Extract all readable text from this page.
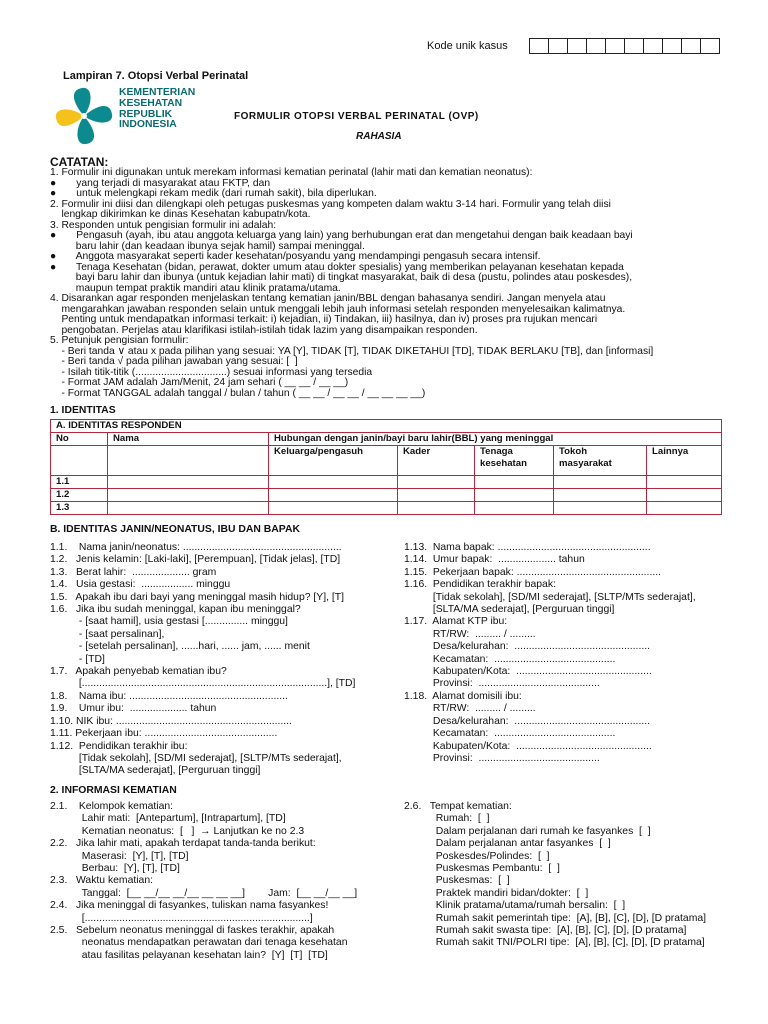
Kode unik kasus
Lampiran 7. Otopsi Verbal Perinatal
KEMENTERIAN
KESEHATAN
REPUBLIK
INDONESIA
FORMULIR OTOPSI VERBAL PERINATAL (OVP)
RAHASIA
CATATAN:
1. Formulir ini digunakan untuk merekam informasi kematian perinatal (lahir mati dan kematian neonatus):
●       yang terjadi di masyarakat atau FKTP, dan
●       untuk melengkapi rekam medik (dari rumah sakit), bila diperlukan.
2. Formulir ini diisi dan dilengkapi oleh petugas puskesmas yang kompeten dalam waktu 3-14 hari. Formulir yang telah diisi
lengkap dikirimkan ke dinas Kesehatan kabupatn/kota.
3. Responden untuk pengisian formulir ini adalah:
●       Pengasuh (ayah, ibu atau anggota keluarga yang lain) yang berhubungan erat dan mengetahui dengan baik keadaan bayi
baru lahir (dan keadaan ibunya sejak hamil) sampai meninggal.
●       Anggota masyarakat seperti kader kesehatan/posyandu yang mendampingi pengasuh secara intensif.
●       Tenaga Kesehatan (bidan, perawat, dokter umum atau dokter spesialis) yang memberikan pelayanan kesehatan kepada
bayi baru lahir dan ibunya (untuk kejadian lahir mati) di tingkat masyarakat, baik di desa (pustu, polindes atau poskesdes),
maupun tempat praktik mandiri atau klinik pratama/utama.
4. Disarankan agar responden menjelaskan tentang kematian janin/BBL dengan bahasanya sendiri. Jangan menyela atau
mengarahkan jawaban responden selain untuk menggali lebih jauh informasi setelah responden menyelesaikan kalimatnya.
Penting untuk mendapatkan informasi terkait: i) kejadian, ii) Tindakan, iii) hasilnya, dan iv) proses pra rujukan mencari
pengobatan. Perjelas atau klarifikasi istilah-istilah tidak lazim yang disampaikan responden.
5. Petunjuk pengisian formulir:
- Beri tanda ∨ atau x pada pilihan yang sesuai: YA [Y], TIDAK [T], TIDAK DIKETAHUI [TD], TIDAK BERLAKU [TB], dan [informasi]
- Beri tanda √ pada pilihan jawaban yang sesuai: [  ]
- Isilah titik-titik (................................) sesuai informasi yang tersedia
- Format JAM adalah Jam/Menit, 24 jam sehari ( __ __ / __ __)
- Format TANGGAL adalah tanggal / bulan / tahun ( __ __ / __ __ / __ __ __ __)
1. IDENTITAS
A. IDENTITAS RESPONDEN						
No	Nama	Hubungan dengan janin/bayi baru lahir(BBL) yang meninggal				
		Keluarga/pengasuh	Kader	Tenaga kesehatan	Tokoh masyarakat	Lainnya
1.1						
1.2						
1.3						
B. IDENTITAS JANIN/NEONATUS, IBU DAN BAPAK
1.1.    Nama janin/neonatus: .......................................................
1.2.   Jenis kelamin: [Laki-laki], [Perempuan], [Tidak jelas], [TD]
1.3.   Berat lahir:  .................... gram
1.4.   Usia gestasi:  .................. minggu
1.5.   Apakah ibu dari bayi yang meninggal masih hidup? [Y], [T]
1.6.   Jika ibu sudah meninggal, kapan ibu meninggal?
- [saat hamil], usia gestasi [............... minggu]
- [saat persalinan],
- [setelah persalinan], ......hari, ...... jam, ...... menit
- [TD]
1.7.   Apakah penyebab kematian ibu?
[.....................................................................................], [TD]
1.8.    Nama ibu: .......................................................
1.9.    Umur ibu:  .................... tahun
1.10. NIK ibu: .............................................................
1.11. Pekerjaan ibu: ..............................................
1.12.  Pendidikan terakhir ibu:
[Tidak sekolah], [SD/MI sederajat], [SLTP/MTs sederajat],
[SLTA/MA sederajat], [Perguruan tinggi]
1.13.  Nama bapak: .....................................................
1.14.  Umur bapak:  .................... tahun
1.15.  Pekerjaan bapak: ..................................................
1.16.  Pendidikan terakhir bapak:
[Tidak sekolah], [SD/MI sederajat], [SLTP/MTs sederajat],
[SLTA/MA sederajat], [Perguruan tinggi]
1.17.  Alamat KTP ibu:
RT/RW:  ......... / .........
Desa/kelurahan:  ...............................................
Kecamatan:  ..........................................
Kabupaten/Kota:  ...............................................
Provinsi:  ..........................................
1.18.  Alamat domisili ibu:
RT/RW:  ......... / .........
Desa/kelurahan:  ...............................................
Kecamatan:  ..........................................
Kabupaten/Kota:  ...............................................
Provinsi:  ..........................................
2. INFORMASI KEMATIAN
2.1.    Kelompok kematian:
Lahir mati:  [Antepartum], [Intrapartum], [TD]
Kematian neonatus:  [   ]  → Lanjutkan ke no 2.3
2.2.   Jika lahir mati, apakah terdapat tanda-tanda berikut:
Maserasi:  [Y], [T], [TD]
Berbau:  [Y], [T], [TD]
2.3.   Waktu kematian:
Tanggal:  [__ __/__ __/__ __ __ __]        Jam:  [__ __/__ __]
2.4.   Jika meninggal di fasyankes, tuliskan nama fasyankes!
[..............................................................................]
2.5.   Sebelum neonatus meninggal di faskes terakhir, apakah
neonatus mendapatkan perawatan dari tenaga kesehatan
atau fasilitas pelayanan kesehatan lain?  [Y]  [T]  [TD]
2.6.   Tempat kematian:
Rumah:  [  ]
Dalam perjalanan dari rumah ke fasyankes  [  ]
Dalam perjalanan antar fasyankes  [  ]
Poskesdes/Polindes:  [  ]
Puskesmas Pembantu:  [  ]
Puskesmas:  [  ]
Praktek mandiri bidan/dokter:  [  ]
Klinik pratama/utama/rumah bersalin:  [  ]
Rumah sakit pemerintah tipe:  [A], [B], [C], [D], [D pratama]
Rumah sakit swasta tipe:  [A], [B], [C], [D], [D pratama]
Rumah sakit TNI/POLRI tipe:  [A], [B], [C], [D], [D pratama]
